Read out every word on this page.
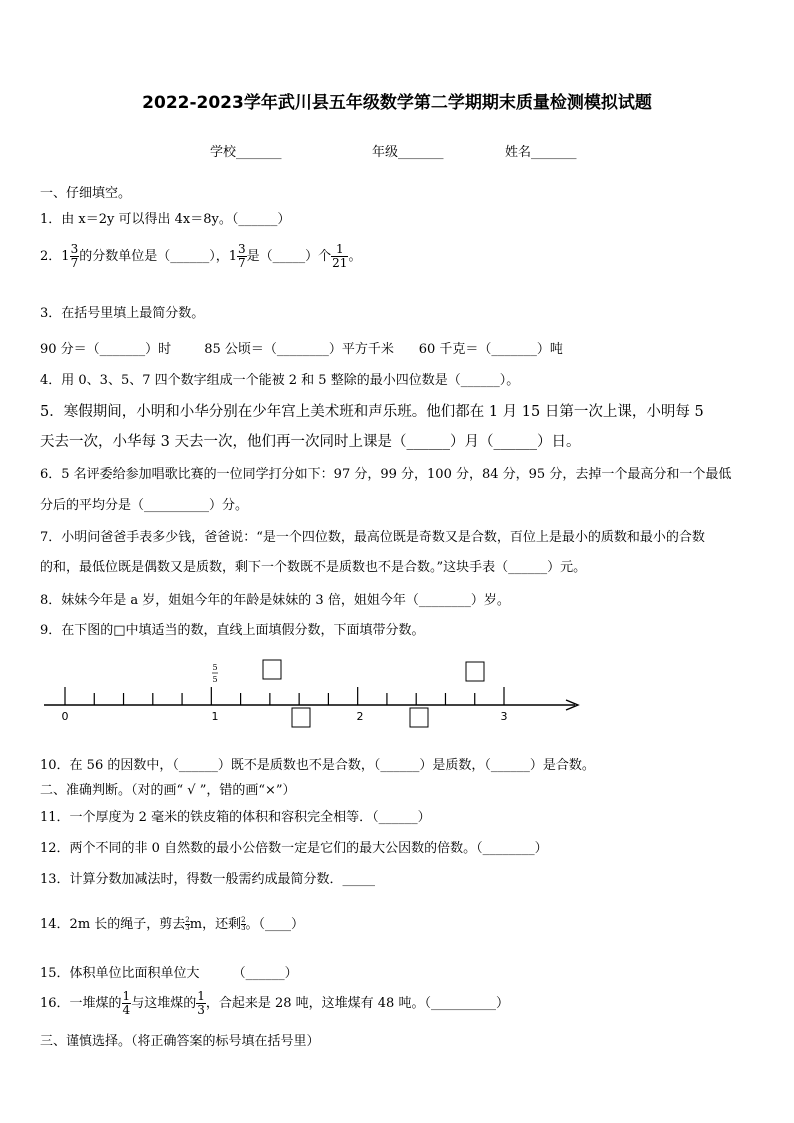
2022-2023学年武川县五年级数学第二学期期末质量检测模拟试题
学校_______	年级_______	姓名_______
一、仔细填空。
1．由 x＝2y 可以得出 4x＝8y。（______）
2．$1 \frac{3}{7}$ 的分数单位是（______），$1 \frac{3}{7}$ 是（_____）个 $\frac{1}{21}$ 。
3．在括号里填上最简分数。
90 分＝（_______）时        85 公顷＝（________）平方千米      60 千克＝（_______）吨
4．用 0、3、5、7 四个数字组成一个能被 2 和 5 整除的最小四位数是（______）。
5．寒假期间，小明和小华分别在少年宫上美术班和声乐班。他们都在 1 月 15 日第一次上课，小明每 5
天去一次，小华每 3 天去一次，他们再一次同时上课是（______）月（______）日。
6．5 名评委给参加唱歌比赛的一位同学打分如下：97 分，99 分，100 分，84 分，95 分，去掉一个最高分和一个最低
分后的平均分是（__________）分。
7．小明问爸爸手表多少钱，爸爸说：“是一个四位数，最高位既是奇数又是合数，百位上是最小的质数和最小的合数
的和，最低位既是偶数又是质数，剩下一个数既不是质数也不是合数。”这块手表（______）元。
8．妹妹今年是 a 岁，姐姐今年的年龄是妹妹的 3 倍，姐姐今年（________）岁。
9．在下图的□中填适当的数，直线上面填假分数，下面填带分数。
0	1	2	3
5
5
10．在 56 的因数中，（______）既不是质数也不是合数，（______）是质数，（______）是合数。
二、准确判断。（对的画“ √ ”，错的画“×”）
11．一个厚度为 2 毫米的铁皮箱的体积和容积完全相等．（______）
12．两个不同的非 0 自然数的最小公倍数一定是它们的最大公因数的倍数。（________）
13．计算分数加减法时，得数一般需约成最简分数．_____
14．2m 长的绳子，剪去 $\frac{2}{3}$ m，还剩 $\frac{2}{3}$ 。（____）
15．体积单位比面积单位大        （______）
16．一堆煤的 $\frac{1}{4}$ 与这堆煤的 $\frac{1}{3}$ ，合起来是 28 吨，这堆煤有 48 吨。（__________）
三、谨慎选择。（将正确答案的标号填在括号里）
